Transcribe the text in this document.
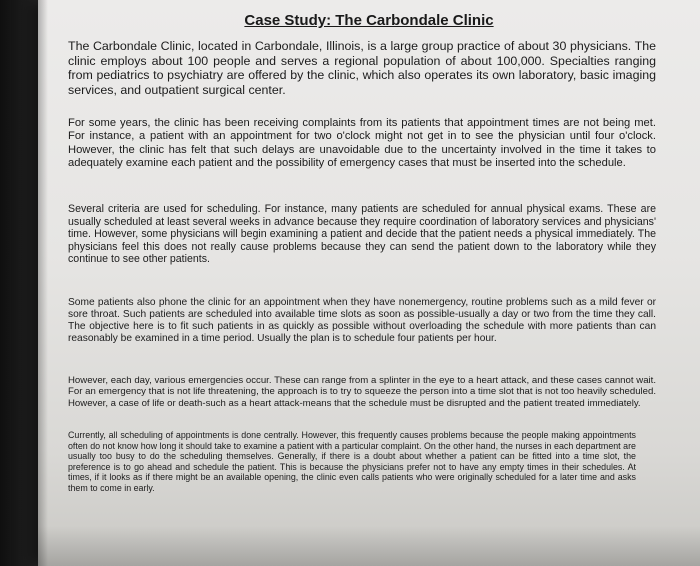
Case Study: The Carbondale Clinic

The Carbondale Clinic, located in Carbondale, Illinois, is a large group practice of about 30 physicians. The clinic employs about 100 people and serves a regional population of about 100,000. Specialties ranging from pediatrics to psychiatry are offered by the clinic, which also operates its own laboratory, basic imaging services, and outpatient surgical center.

For some years, the clinic has been receiving complaints from its patients that appointment times are not being met. For instance, a patient with an appointment for two o'clock might not get in to see the physician until four o'clock. However, the clinic has felt that such delays are unavoidable due to the uncertainty involved in the time it takes to adequately examine each patient and the possibility of emergency cases that must be inserted into the schedule.

Several criteria are used for scheduling. For instance, many patients are scheduled for annual physical exams. These are usually scheduled at least several weeks in advance because they require coordination of laboratory services and physicians' time. However, some physicians will begin examining a patient and decide that the patient needs a physical immediately. The physicians feel this does not really cause problems because they can send the patient down to the laboratory while they continue to see other patients.

Some patients also phone the clinic for an appointment when they have nonemergency, routine problems such as a mild fever or sore throat. Such patients are scheduled into available time slots as soon as possible-usually a day or two from the time they call. The objective here is to fit such patients in as quickly as possible without overloading the schedule with more patients than can reasonably be examined in a time period. Usually the plan is to schedule four patients per hour.

However, each day, various emergencies occur. These can range from a splinter in the eye to a heart attack, and these cases cannot wait. For an emergency that is not life threatening, the approach is to try to squeeze the person into a time slot that is not too heavily scheduled. However, a case of life or death-such as a heart attack-means that the schedule must be disrupted and the patient treated immediately.

Currently, all scheduling of appointments is done centrally. However, this frequently causes problems because the people making appointments often do not know how long it should take to examine a patient with a particular complaint. On the other hand, the nurses in each department are usually too busy to do the scheduling themselves. Generally, if there is a doubt about whether a patient can be fitted into a time slot, the preference is to go ahead and schedule the patient. This is because the physicians prefer not to have any empty times in their schedules. At times, if it looks as if there might be an available opening, the clinic even calls patients who were originally scheduled for a later time and asks them to come in early.
